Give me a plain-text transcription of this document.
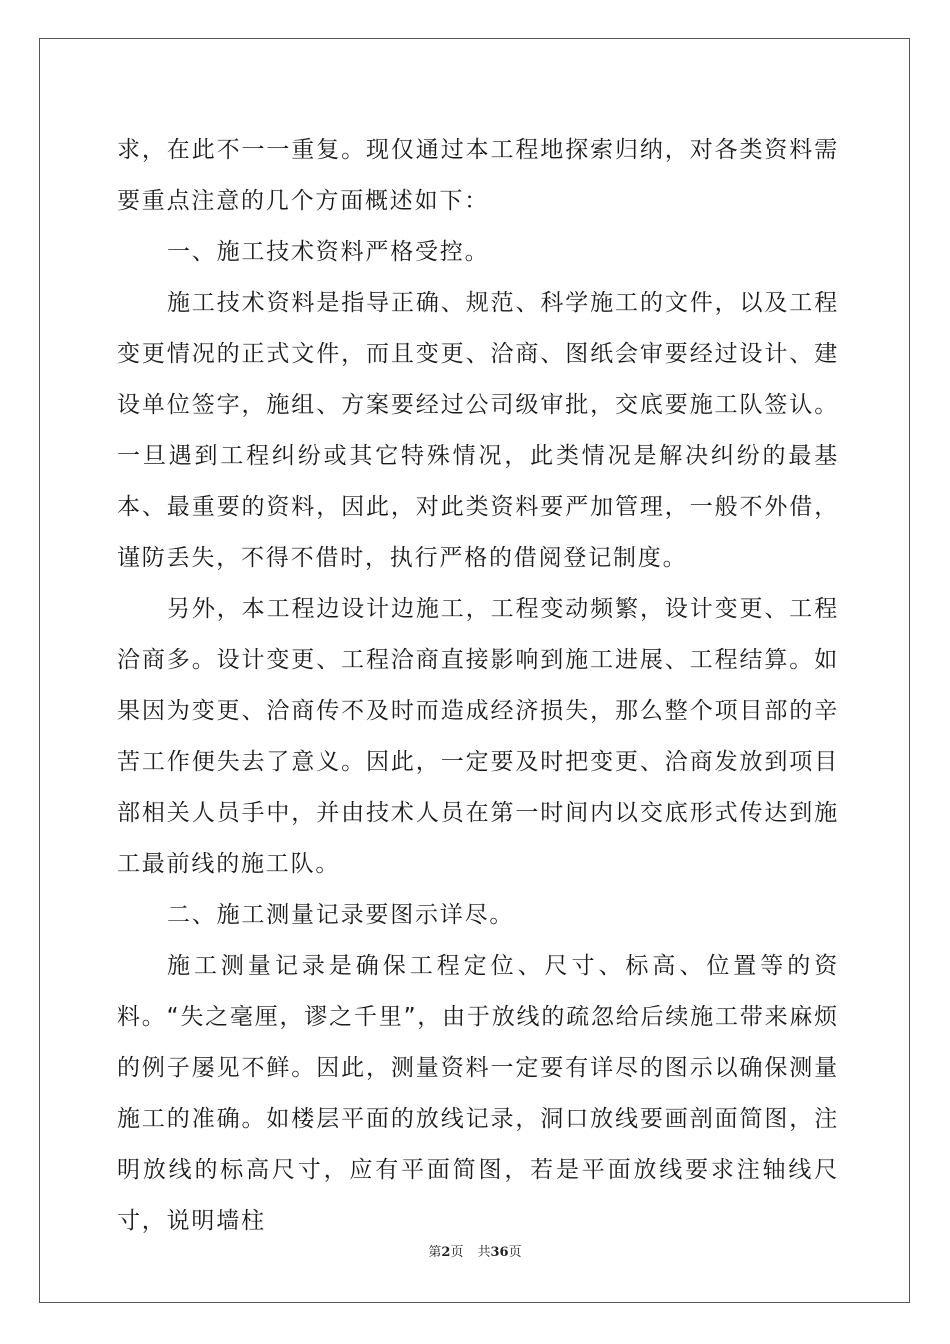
求，在此不一一重复。现仅通过本工程地探索归纳，对各类资料需要重点注意的几个方面概述如下：

一、施工技术资料严格受控。

施工技术资料是指导正确、规范、科学施工的文件，以及工程变更情况的正式文件，而且变更、洽商、图纸会审要经过设计、建设单位签字，施组、方案要经过公司级审批，交底要施工队签认。一旦遇到工程纠纷或其它特殊情况，此类情况是解决纠纷的最基本、最重要的资料，因此，对此类资料要严加管理，一般不外借，谨防丢失，不得不借时，执行严格的借阅登记制度。

另外，本工程边设计边施工，工程变动频繁，设计变更、工程洽商多。设计变更、工程洽商直接影响到施工进展、工程结算。如果因为变更、洽商传不及时而造成经济损失，那么整个项目部的辛苦工作便失去了意义。因此，一定要及时把变更、洽商发放到项目部相关人员手中，并由技术人员在第一时间内以交底形式传达到施工最前线的施工队。

二、施工测量记录要图示详尽。

施工测量记录是确保工程定位、尺寸、标高、位置等的资料。“失之毫厘，谬之千里”，由于放线的疏忽给后续施工带来麻烦的例子屡见不鲜。因此，测量资料一定要有详尽的图示以确保测量施工的准确。如楼层平面的放线记录，洞口放线要画剖面简图，注明放线的标高尺寸，应有平面简图，若是平面放线要求注轴线尺寸，说明墙柱

第2页 共36页
